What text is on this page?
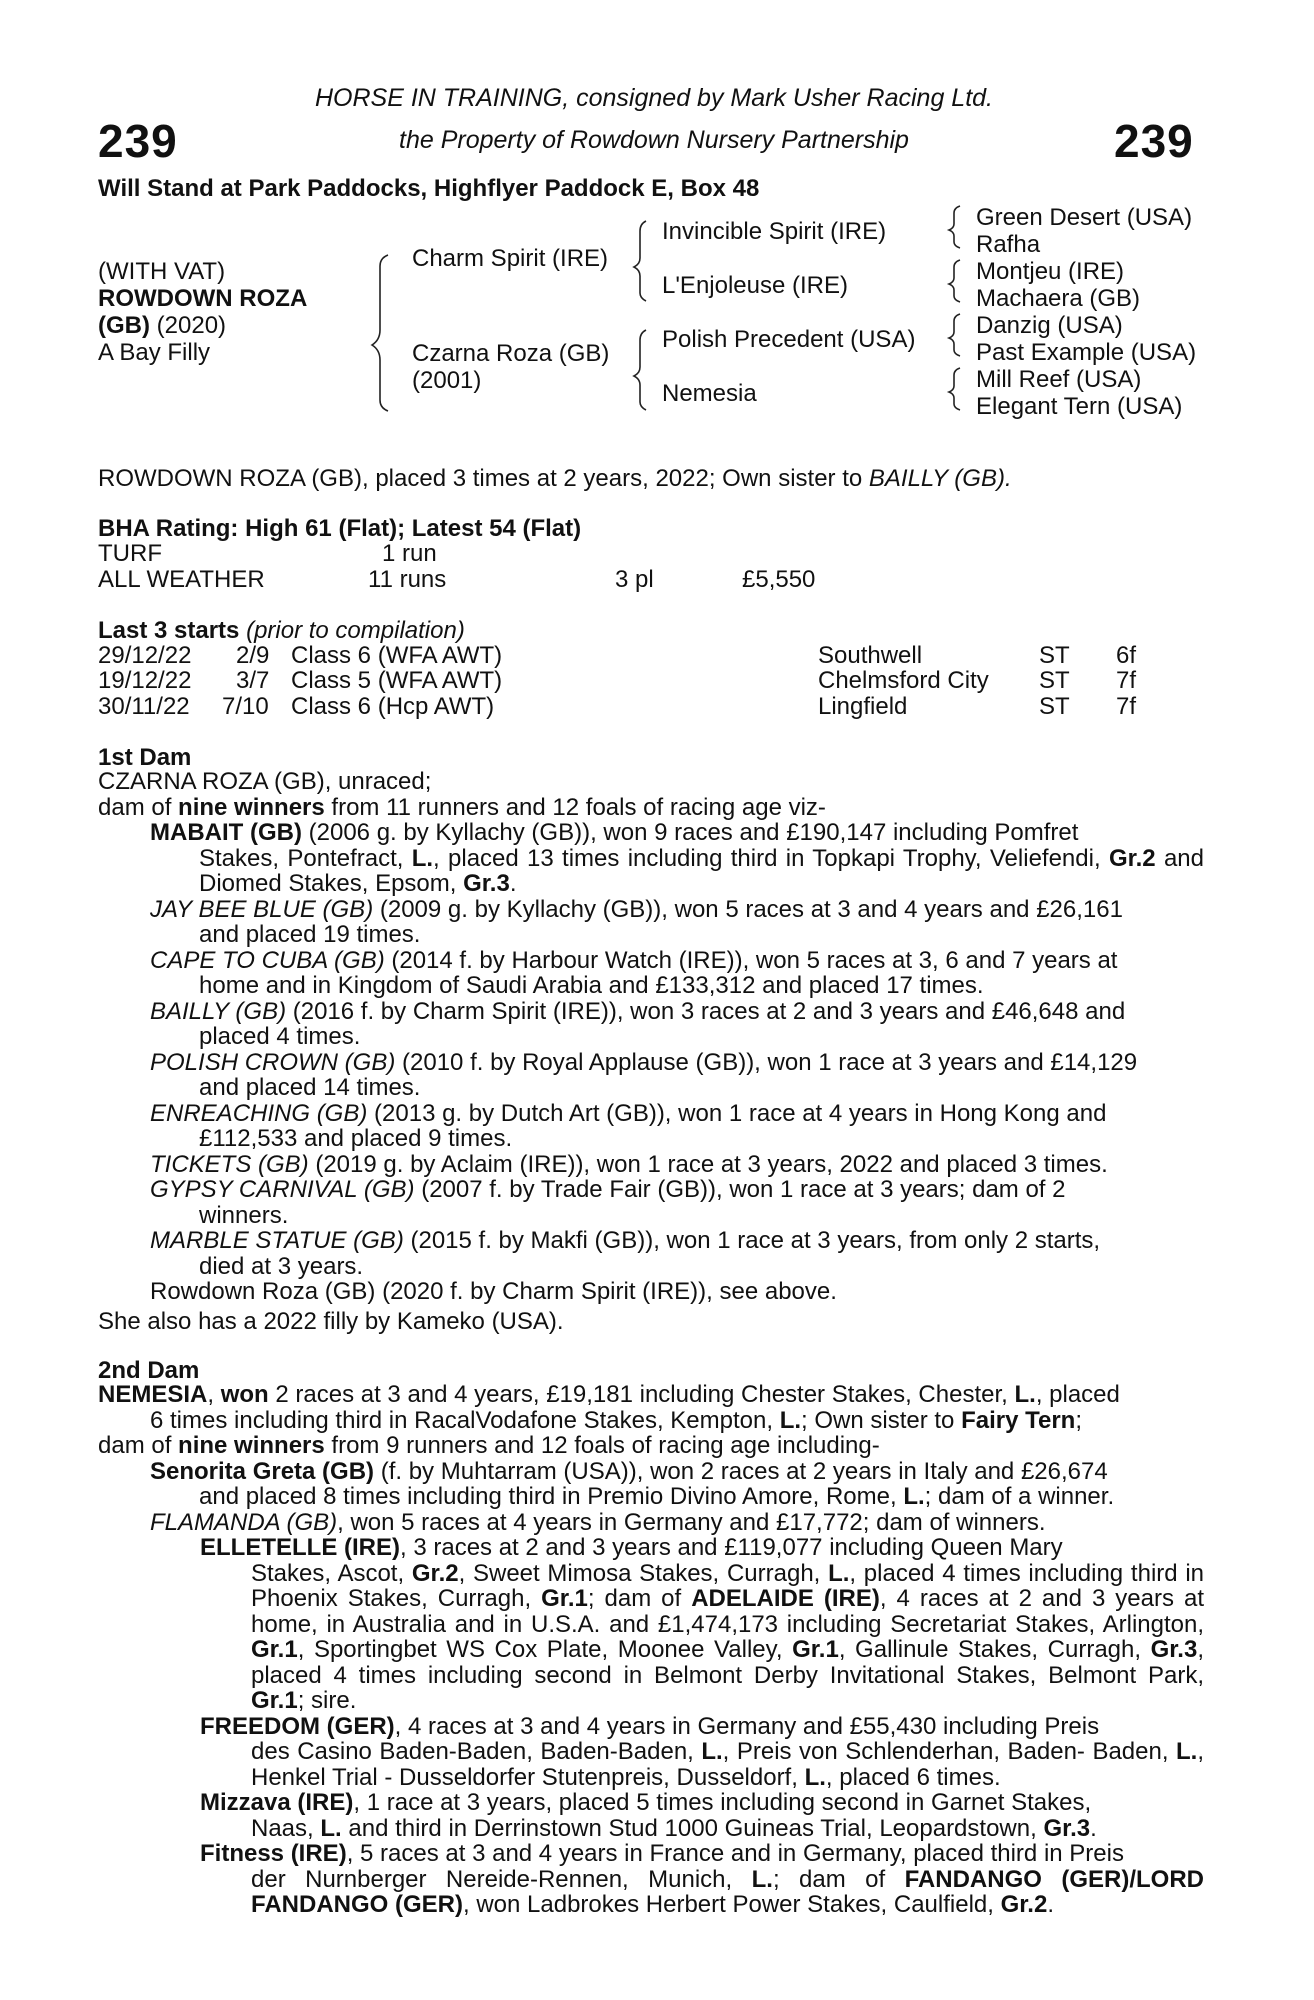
239	239
HORSE IN TRAINING, consigned by Mark Usher Racing Ltd.
the Property of Rowdown Nursery Partnership
Will Stand at Park Paddocks, Highflyer Paddock E, Box 48
(WITH VAT)
ROWDOWN ROZA
(GB) (2020)
A Bay Filly
Charm Spirit (IRE)
Czarna Roza (GB)
(2001)
Invincible Spirit (IRE)
L'Enjoleuse (IRE)
Polish Precedent (USA)
Nemesia
Green Desert (USA)
Rafha
Montjeu (IRE)
Machaera (GB)
Danzig (USA)
Past Example (USA)
Mill Reef (USA)
Elegant Tern (USA)
ROWDOWN ROZA (GB), placed 3 times at 2 years, 2022; Own sister to BAILLY (GB).
BHA Rating: High 61 (Flat); Latest 54 (Flat)
TURF	1 run
ALL WEATHER	11 runs	3 pl	£5,550
Last 3 starts (prior to compilation)
29/12/22 2/9 Class 6 (WFA AWT)	Southwell	ST 6f
19/12/22 3/7 Class 5 (WFA AWT)	Chelmsford City ST 7f
30/11/22 7/10 Class 6 (Hcp AWT)	Lingfield	ST 7f
1st Dam
CZARNA ROZA (GB), unraced;
dam of nine winners from 11 runners and 12 foals of racing age viz-
MABAIT (GB) (2006 g. by Kyllachy (GB)), won 9 races and £190,147 including Pomfret
Stakes, Pontefract, L., placed 13 times including third in Topkapi Trophy, Veliefendi, Gr.2 and Diomed Stakes, Epsom, Gr.3.
JAY BEE BLUE (GB) (2009 g. by Kyllachy (GB)), won 5 races at 3 and 4 years and £26,161
and placed 19 times.
CAPE TO CUBA (GB) (2014 f. by Harbour Watch (IRE)), won 5 races at 3, 6 and 7 years at
home and in Kingdom of Saudi Arabia and £133,312 and placed 17 times.
BAILLY (GB) (2016 f. by Charm Spirit (IRE)), won 3 races at 2 and 3 years and £46,648 and
placed 4 times.
POLISH CROWN (GB) (2010 f. by Royal Applause (GB)), won 1 race at 3 years and £14,129
and placed 14 times.
ENREACHING (GB) (2013 g. by Dutch Art (GB)), won 1 race at 4 years in Hong Kong and
£112,533 and placed 9 times.
TICKETS (GB) (2019 g. by Aclaim (IRE)), won 1 race at 3 years, 2022 and placed 3 times.
GYPSY CARNIVAL (GB) (2007 f. by Trade Fair (GB)), won 1 race at 3 years; dam of 2
winners.
MARBLE STATUE (GB) (2015 f. by Makfi (GB)), won 1 race at 3 years, from only 2 starts,
died at 3 years.
Rowdown Roza (GB) (2020 f. by Charm Spirit (IRE)), see above.
She also has a 2022 filly by Kameko (USA).
2nd Dam
NEMESIA, won 2 races at 3 and 4 years, £19,181 including Chester Stakes, Chester, L., placed
6 times including third in RacalVodafone Stakes, Kempton, L.; Own sister to Fairy Tern;
dam of nine winners from 9 runners and 12 foals of racing age including-
Senorita Greta (GB) (f. by Muhtarram (USA)), won 2 races at 2 years in Italy and £26,674
and placed 8 times including third in Premio Divino Amore, Rome, L.; dam of a winner.
FLAMANDA (GB), won 5 races at 4 years in Germany and £17,772; dam of winners.
ELLETELLE (IRE), 3 races at 2 and 3 years and £119,077 including Queen Mary
Stakes, Ascot, Gr.2, Sweet Mimosa Stakes, Curragh, L., placed 4 times including third in Phoenix Stakes, Curragh, Gr.1; dam of ADELAIDE (IRE), 4 races at 2 and 3 years at home, in Australia and in U.S.A. and £1,474,173 including Secretariat Stakes, Arlington, Gr.1, Sportingbet WS Cox Plate, Moonee Valley, Gr.1, Gallinule Stakes, Curragh, Gr.3, placed 4 times including second in Belmont Derby Invitational Stakes, Belmont Park, Gr.1; sire.
FREEDOM (GER), 4 races at 3 and 4 years in Germany and £55,430 including Preis
des Casino Baden-Baden, Baden-Baden, L., Preis von Schlenderhan, Baden- Baden, L., Henkel Trial - Dusseldorfer Stutenpreis, Dusseldorf, L., placed 6 times.
Mizzava (IRE), 1 race at 3 years, placed 5 times including second in Garnet Stakes,
Naas, L. and third in Derrinstown Stud 1000 Guineas Trial, Leopardstown, Gr.3.
Fitness (IRE), 5 races at 3 and 4 years in France and in Germany, placed third in Preis
der Nurnberger Nereide-Rennen, Munich, L.; dam of FANDANGO (GER)/LORD FANDANGO (GER), won Ladbrokes Herbert Power Stakes, Caulfield, Gr.2.
